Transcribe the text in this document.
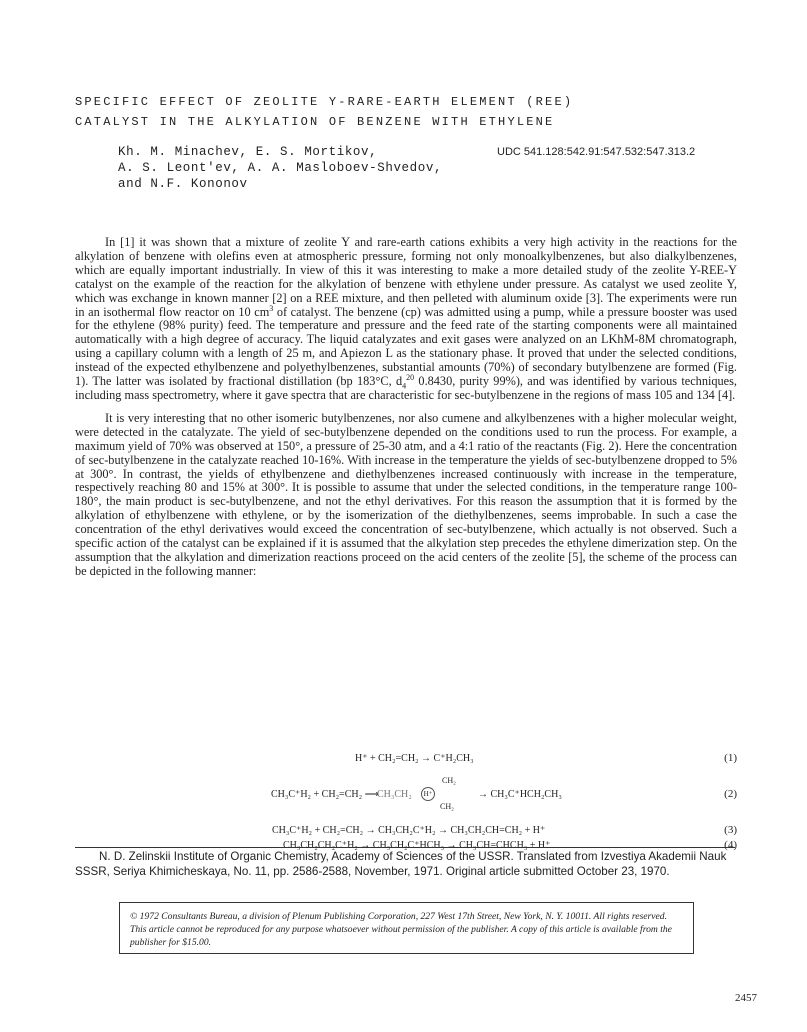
SPECIFIC EFFECT OF ZEOLITE Y-RARE-EARTH ELEMENT (REE)
CATALYST IN THE ALKYLATION OF BENZENE WITH ETHYLENE
Kh. M. Minachev, E. S. Mortikov,
A. S. Leont'ev, A. A. Masloboev-Shvedov,
and N.F. Kononov
UDC 541.128:542.91:547.532:547.313.2

In [1] it was shown that a mixture of zeolite Y and rare-earth cations exhibits a very high activity in the reactions for the alkylation of benzene with olefins even at atmospheric pressure, forming not only monoalkylbenzenes, but also dialkylbenzenes, which are equally important industrially. In view of this it was interesting to make a more detailed study of the zeolite Y-REE-Y catalyst on the example of the reaction for the alkylation of benzene with ethylene under pressure. As catalyst we used zeolite Y, which was exchange in known manner [2] on a REE mixture, and then pelleted with aluminum oxide [3]. The experiments were run in an isothermal flow reactor on 10 $cm^3$ of catalyst. The benzene (cp) was admitted using a pump, while a pressure booster was used for the ethylene (98% purity) feed. The temperature and pressure and the feed rate of the starting components were all maintained automatically with a high degree of accuracy. The liquid catalyzates and exit gases were analyzed on an LKhM-8M chromatograph, using a capillary column with a length of 25 m, and Apiezon L as the stationary phase. It proved that under the selected conditions, instead of the expected ethylbenzene and polyethylbenzenes, substantial amounts (70%) of secondary butylbenzene are formed (Fig. 1). The latter was isolated by fractional distillation (bp 183°C, $d_4^{20}$ 0.8430, purity 99%), and was identified by various techniques, including mass spectrometry, where it gave spectra that are characteristic for sec-butylbenzene in the regions of mass 105 and 134 [4].

It is very interesting that no other isomeric butylbenzenes, nor also cumene and alkylbenzenes with a higher molecular weight, were detected in the catalyzate. The yield of sec-butylbenzene depended on the conditions used to run the process. For example, a maximum yield of 70% was observed at 150°, a pressure of 25-30 atm, and a 4:1 ratio of the reactants (Fig. 2). Here the concentration of sec-butylbenzene in the catalyzate reached 10-16%. With increase in the temperature the yields of sec-butylbenzene dropped to 5% at 300°. In contrast, the yields of ethylbenzene and diethylbenzenes increased continuously with increase in the temperature, respectively reaching 80 and 15% at 300°. It is possible to assume that under the selected conditions, in the temperature range 100-180°, the main product is sec-butylbenzene, and not the ethyl derivatives. For this reason the assumption that it is formed by the alkylation of ethylbenzene with ethylene, or by the isomerization of the diethylbenzenes, seems improbable. In such a case the concentration of the ethyl derivatives would exceed the concentration of sec-butylbenzene, which actually is not observed. Such a specific action of the catalyst can be explained if it is assumed that the alkylation step precedes the ethylene dimerization step. On the assumption that the alkylation and dimerization reactions proceed on the acid centers of the zeolite [5], the scheme of the process can be depicted in the following manner:

H⁺ + CH₂=CH₂ → C⁺H₂CH₃	(1)
CH₃C⁺H₂ + CH₂=CH₂ ⟶
CH₃CH₂	H⁺
CH₂
CH₂
→ CH₃C⁺HCH₂CH₃	(2)
CH₃C⁺H₂ + CH₂=CH₂ → CH₃CH₂C⁺H₂ → CH₃CH₂CH=CH₂ + H⁺	(3)
CH₃CH₂CH₂C⁺H₂ → CH₃CH₂C⁺HCH₃ → CH₃CH=CHCH₃ + H⁺	(4)
N. D. Zelinskii Institute of Organic Chemistry, Academy of Sciences of the USSR. Translated from Izvestiya Akademii Nauk SSSR, Seriya Khimicheskaya, No. 11, pp. 2586-2588, November, 1971. Original article submitted October 23, 1970.
© 1972 Consultants Bureau, a division of Plenum Publishing Corporation, 227 West 17th Street, New York, N. Y. 10011. All rights reserved. This article cannot be reproduced for any purpose whatsoever without permission of the publisher. A copy of this article is available from the publisher for $15.00.
2457
